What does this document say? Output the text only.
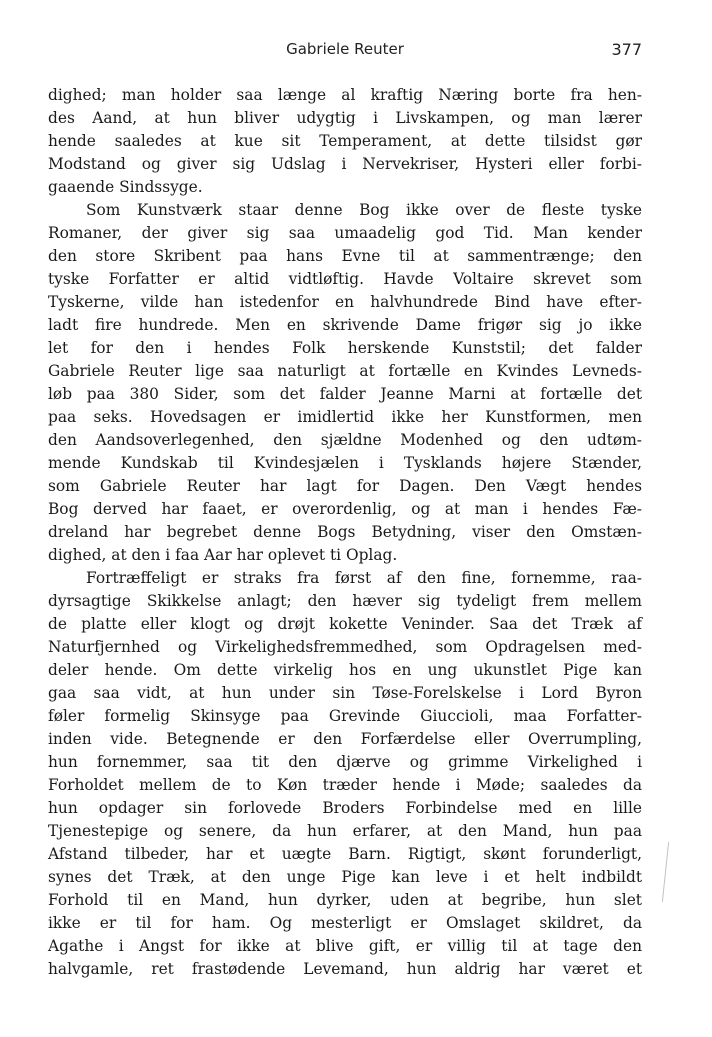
Gabriele Reuter	377
dighed; man holder saa længe al kraftig Næring borte fra hen-
des Aand, at hun bliver udygtig i Livskampen, og man lærer
hende saaledes at kue sit Temperament, at dette tilsidst gør
Modstand og giver sig Udslag i Nervekriser, Hysteri eller forbi-
gaaende Sindssyge.
Som Kunstværk staar denne Bog ikke over de fleste tyske
Romaner, der giver sig saa umaadelig god Tid. Man kender
den store Skribent paa hans Evne til at sammentrænge; den
tyske Forfatter er altid vidtløftig. Havde Voltaire skrevet som
Tyskerne, vilde han istedenfor en halvhundrede Bind have efter-
ladt fire hundrede. Men en skrivende Dame frigør sig jo ikke
let for den i hendes Folk herskende Kunststil; det falder
Gabriele Reuter lige saa naturligt at fortælle en Kvindes Levneds-
løb paa 380 Sider, som det falder Jeanne Marni at fortælle det
paa seks. Hovedsagen er imidlertid ikke her Kunstformen, men
den Aandsoverlegenhed, den sjældne Modenhed og den udtøm-
mende Kundskab til Kvindesjælen i Tysklands højere Stænder,
som Gabriele Reuter har lagt for Dagen. Den Vægt hendes
Bog derved har faaet, er overordenlig, og at man i hendes Fæ-
dreland har begrebet denne Bogs Betydning, viser den Omstæn-
dighed, at den i faa Aar har oplevet ti Oplag.
Fortræffeligt er straks fra først af den fine, fornemme, raa-
dyrsagtige Skikkelse anlagt; den hæver sig tydeligt frem mellem
de platte eller klogt og drøjt kokette Veninder. Saa det Træk af
Naturfjernhed og Virkelighedsfremmedhed, som Opdragelsen med-
deler hende. Om dette virkelig hos en ung ukunstlet Pige kan
gaa saa vidt, at hun under sin Tøse-Forelskelse i Lord Byron
føler formelig Skinsyge paa Grevinde Giuccioli, maa Forfatter-
inden vide. Betegnende er den Forfærdelse eller Overrumpling,
hun fornemmer, saa tit den djærve og grimme Virkelighed i
Forholdet mellem de to Køn træder hende i Møde; saaledes da
hun opdager sin forlovede Broders Forbindelse med en lille
Tjenestepige og senere, da hun erfarer, at den Mand, hun paa
Afstand tilbeder, har et uægte Barn. Rigtigt, skønt forunderligt,
synes det Træk, at den unge Pige kan leve i et helt indbildt
Forhold til en Mand, hun dyrker, uden at begribe, hun slet
ikke er til for ham. Og mesterligt er Omslaget skildret, da
Agathe i Angst for ikke at blive gift, er villig til at tage den
halvgamle, ret frastødende Levemand, hun aldrig har været et
